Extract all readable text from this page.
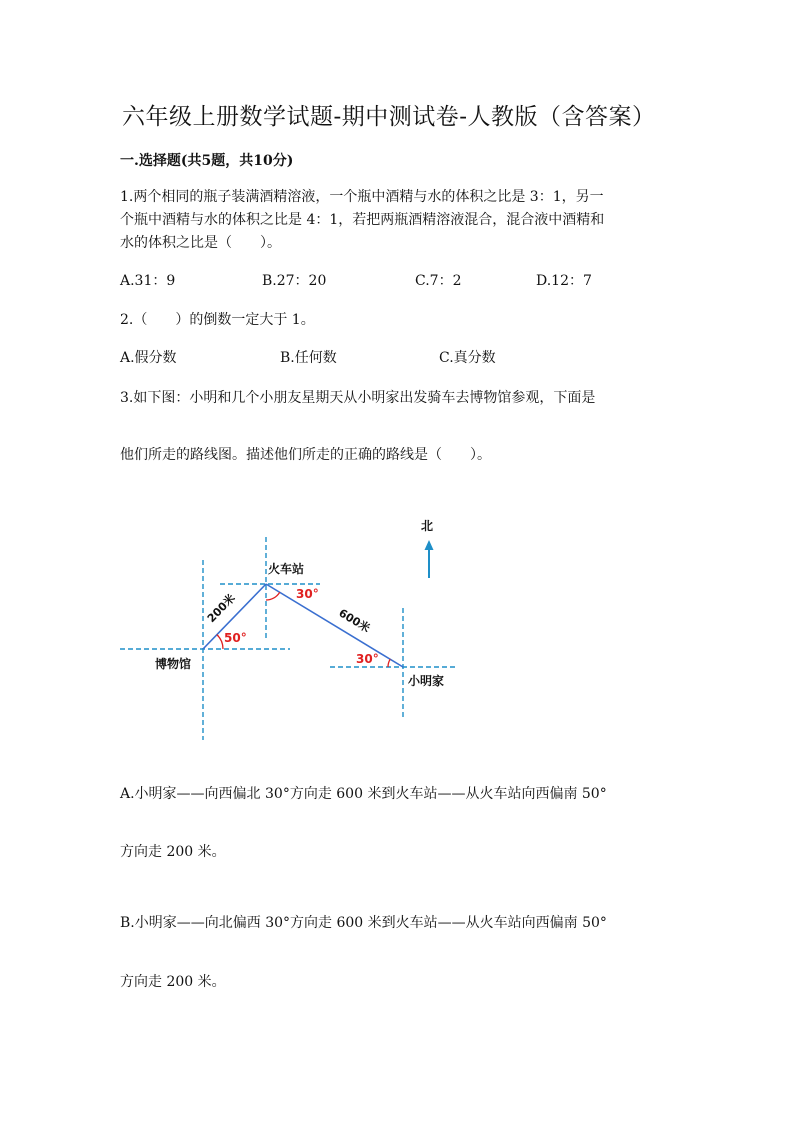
六年级上册数学试题-期中测试卷-人教版（含答案）
一.选择题(共5题，共10分)
1.两个相同的瓶子装满酒精溶液，一个瓶中酒精与水的体积之比是 3：1，另一
个瓶中酒精与水的体积之比是 4：1，若把两瓶酒精溶液混合，混合液中酒精和
水的体积之比是（　　）。
A.31：9	B.27：20	C.7：2	D.12：7
2.（　　）的倒数一定大于 1。
A.假分数	B.任何数	C.真分数
3.如下图：小明和几个小朋友星期天从小明家出发骑车去博物馆参观，下面是
他们所走的路线图。描述他们所走的正确的路线是（　　）。
北
50°
30°
30°
200米	600米
火车站
博物馆
小明家
A.小明家——向西偏北 30°方向走 600 米到火车站——从火车站向西偏南 50°
方向走 200 米。
B.小明家——向北偏西 30°方向走 600 米到火车站——从火车站向西偏南 50°
方向走 200 米。
